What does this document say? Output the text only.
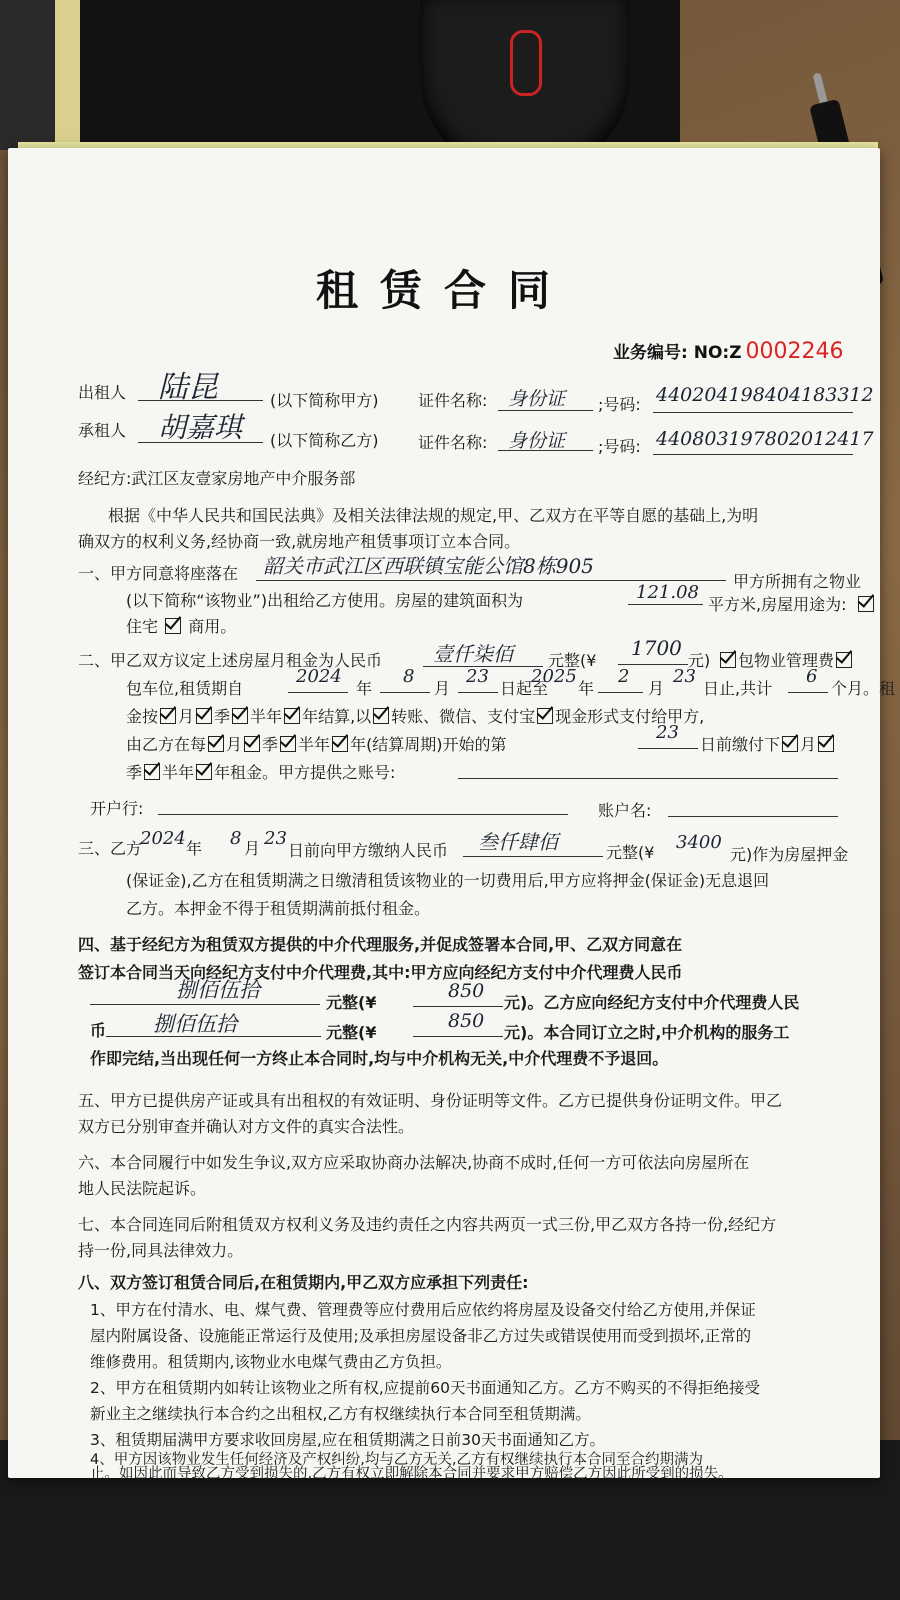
租赁合同
业务编号: NO:Z 0002246
出租人 陆昆	(以下简称甲方) 证件名称: 身份证 ;号码: 440204198404183312
承租人 胡嘉琪 (以下简称乙方) 证件名称: 身份证 ;号码: 440803197802012417
经纪方:武江区友壹家房地产中介服务部
根据《中华人民共和国民法典》及相关法律法规的规定,甲、乙双方在平等自愿的基础上,为明
确双方的权利义务,经协商一致,就房地产租赁事项订立本合同。
一、甲方同意将座落在 韶关市武江区西联镇宝能公馆8栋905
甲方所拥有之物业
(以下简称“该物业”)出租给乙方使用。房屋的建筑面积为	121.08
平方米,房屋用途为:
住宅 商用。
二、甲乙双方议定上述房屋月租金为人民币	壹仟柒佰 元整(¥
1700
元)	包物业管理费
包车位,租赁期自
2024
年
8
月
23
日起至
2025
年
2
月
23
日止,共计
6
个月。租
金按 月 季 半年 年结算,以 转账、微信、支付宝 现金形式支付给甲方,
由乙方在每 月 季 半年 年(结算周期)开始的第
23
日前缴付下 月
季 半年 年租金。甲方提供之账号:
开户行:	账户名:
三、乙方
2024 年 8 月 23
日前向甲方缴纳人民币 叁仟肆佰	元整(¥ 3400
元)作为房屋押金
(保证金),乙方在租赁期满之日缴清租赁该物业的一切费用后,甲方应将押金(保证金)无息退回
乙方。本押金不得于租赁期满前抵付租金。
四、基于经纪方为租赁双方提供的中介代理服务,并促成签署本合同,甲、乙双方同意在
签订本合同当天向经纪方支付中介代理费,其中:甲方应向经纪方支付中介代理费人民币
捌佰伍拾
元整(¥
850
元)。乙方应向经纪方支付中介代理费人民
币 捌佰伍拾	元整(¥
850
元)。本合同订立之时,中介机构的服务工
作即完结,当出现任何一方终止本合同时,均与中介机构无关,中介代理费不予退回。
五、甲方已提供房产证或具有出租权的有效证明、身份证明等文件。乙方已提供身份证明文件。甲乙
双方已分别审查并确认对方文件的真实合法性。
六、本合同履行中如发生争议,双方应采取协商办法解决,协商不成时,任何一方可依法向房屋所在
地人民法院起诉。
七、本合同连同后附租赁双方权利义务及违约责任之内容共两页一式三份,甲乙双方各持一份,经纪方
持一份,同具法律效力。
八、双方签订租赁合同后,在租赁期内,甲乙双方应承担下列责任:
1、甲方在付清水、电、煤气费、管理费等应付费用后应依约将房屋及设备交付给乙方使用,并保证
屋内附属设备、设施能正常运行及使用;及承担房屋设备非乙方过失或错误使用而受到损坏,正常的
维修费用。租赁期内,该物业水电煤气费由乙方负担。
2、甲方在租赁期内如转让该物业之所有权,应提前60天书面通知乙方。乙方不购买的不得拒绝接受
新业主之继续执行本合约之出租权,乙方有权继续执行本合同至租赁期满。
3、租赁期届满甲方要求收回房屋,应在租赁期满之日前30天书面通知乙方。
4、甲方因该物业发生任何经济及产权纠纷,均与乙方无关,乙方有权继续执行本合同至合约期满为
止。如因此而导致乙方受到损失的,乙方有权立即解除本合同并要求甲方赔偿乙方因此所受到的损失。
